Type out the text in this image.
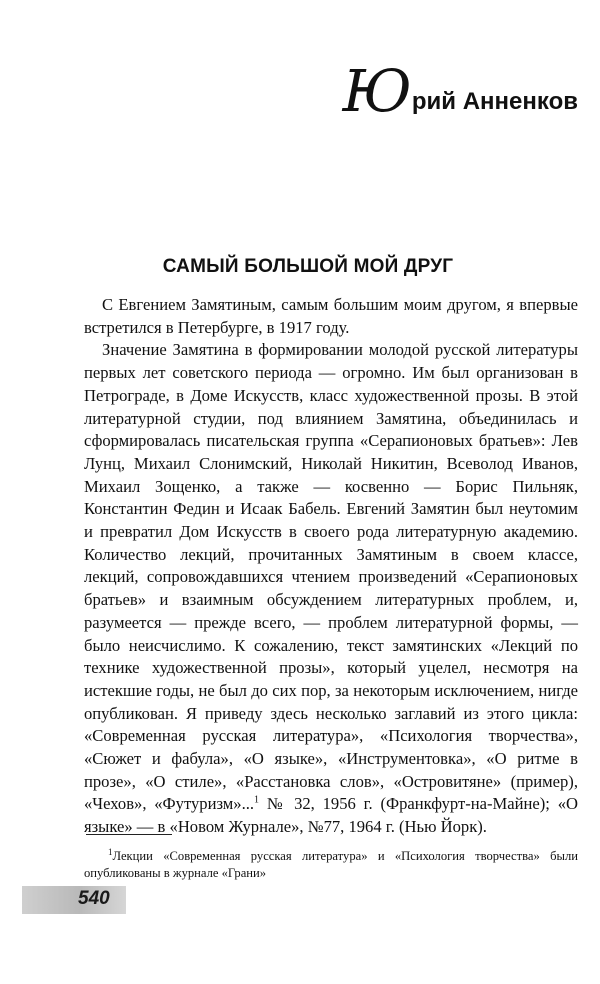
Ю рий Анненков
САМЫЙ БОЛЬШОЙ МОЙ ДРУГ

С Евгением Замятиным, самым большим моим другом, я впервые встретился в Петербурге, в 1917 году.

Значение Замятина в формировании молодой русской литературы первых лет советского периода — огромно. Им был организован в Петрограде, в Доме Искусств, класс художественной прозы. В этой литературной студии, под влиянием Замятина, объединилась и сформировалась писательская группа «Серапионовых братьев»: Лев Лунц, Михаил Слонимский, Николай Никитин, Всеволод Иванов, Михаил Зощенко, а также — косвенно — Борис Пильняк, Константин Федин и Исаак Бабель. Евгений Замятин был неутомим и превратил Дом Искусств в своего рода литературную академию. Количество лекций, прочитанных Замятиным в своем классе, лекций, сопровождавшихся чтением произведений «Серапионовых братьев» и взаимным обсуждением литературных проблем, и, разумеется — прежде всего, — проблем литературной формы, — было неисчислимо. К сожалению, текст замятинских «Лекций по технике художественной прозы», который уцелел, несмотря на истекшие годы, не был до сих пор, за некоторым исключением, нигде опубликован. Я приведу здесь несколько заглавий из этого цикла: «Современная русская литература», «Психология творчества», «Сюжет и фабула», «О языке», «Инструментовка», «О ритме в прозе», «О стиле», «Расстановка слов», «Островитяне» (пример), «Чехов», «Футуризм»...$^1$ № 32, 1956 г. (Франкфурт-на-Майне); «О языке» — в «Новом Журнале», №77, 1964 г. (Нью Йорк).

$^1$Лекции «Современная русская литература» и «Психология творчества» были опубликованы в журнале «Грани»

540
